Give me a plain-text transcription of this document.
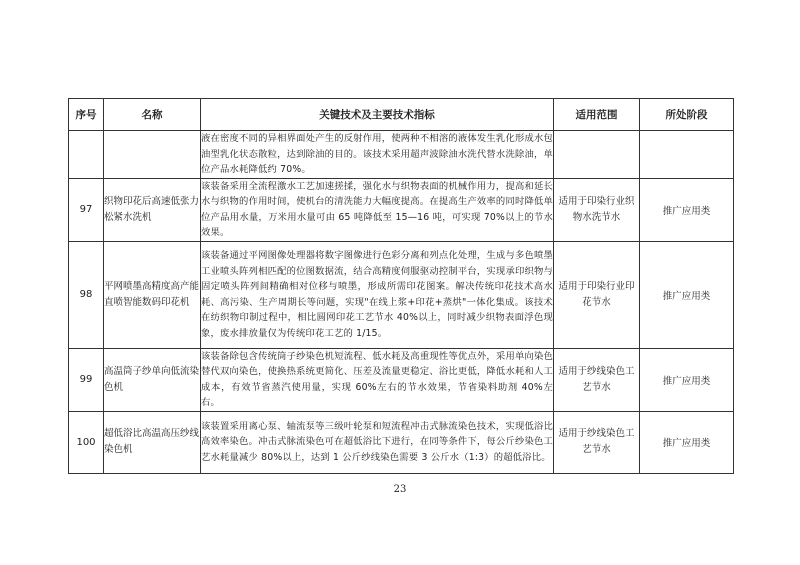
序号	名称	关键技术及主要技术指标	适用范围	所处阶段
		液在密度不同的异相界面处产生的反射作用，使两种不相溶的液体发生乳化形成水包油型乳化状态散粒，达到除油的目的。该技术采用超声波除油水洗代替水洗除油，单位产品水耗降低约 70%。		
97	织物印花后高速低张力松紧水洗机	该装备采用全流程激水工艺加速搓揉，强化水与织物表面的机械作用力，提高和延长水与织物的作用时间，使机台的清洗能力大幅度提高。在提高生产效率的同时降低单位产品用水量，万米用水量可由 65 吨降低至 15—16 吨，可实现 70%以上的节水效果。	适用于印染行业织物水洗节水	推广应用类
98	平网喷墨高精度高产能直喷智能数码印花机	该装备通过平网图像处理器将数字图像进行色彩分离和列点化处理，生成与多色喷墨工业喷头阵列相匹配的位图数据流，结合高精度伺服驱动控制平台，实现承印织物与固定喷头阵列间精确相对位移与喷墨，形成所需印花图案。解决传统印花技术高水耗、高污染、生产周期长等问题，实现"在线上浆+印花+蒸烘"一体化集成。该技术在纺织物印制过程中，相比圆网印花工艺节水 40%以上，同时减少织物表面浮色现象，废水排放量仅为传统印花工艺的 1/15。	适用于印染行业印花节水	推广应用类
99	高温筒子纱单向低流染色机	该装备除包含传统筒子纱染色机短流程、低水耗及高重现性等优点外，采用单向染色替代双向染色，使换热系统更简化、压差及流量更稳定、浴比更低，降低水耗和人工成本，有效节省蒸汽使用量，实现 60%左右的节水效果，节省染料助剂 40%左右。	适用于纱线染色工艺节水	推广应用类
100	超低浴比高温高压纱线染色机	该装置采用离心泵、轴流泵等三级叶轮泵和短流程冲击式脉流染色技术，实现低浴比高效率染色。冲击式脉流染色可在超低浴比下进行，在同等条件下，每公斤纱染色工艺水耗量减少 80%以上，达到 1 公斤纱线染色需要 3 公斤水（1:3）的超低浴比。	适用于纱线染色工艺节水	推广应用类
23
